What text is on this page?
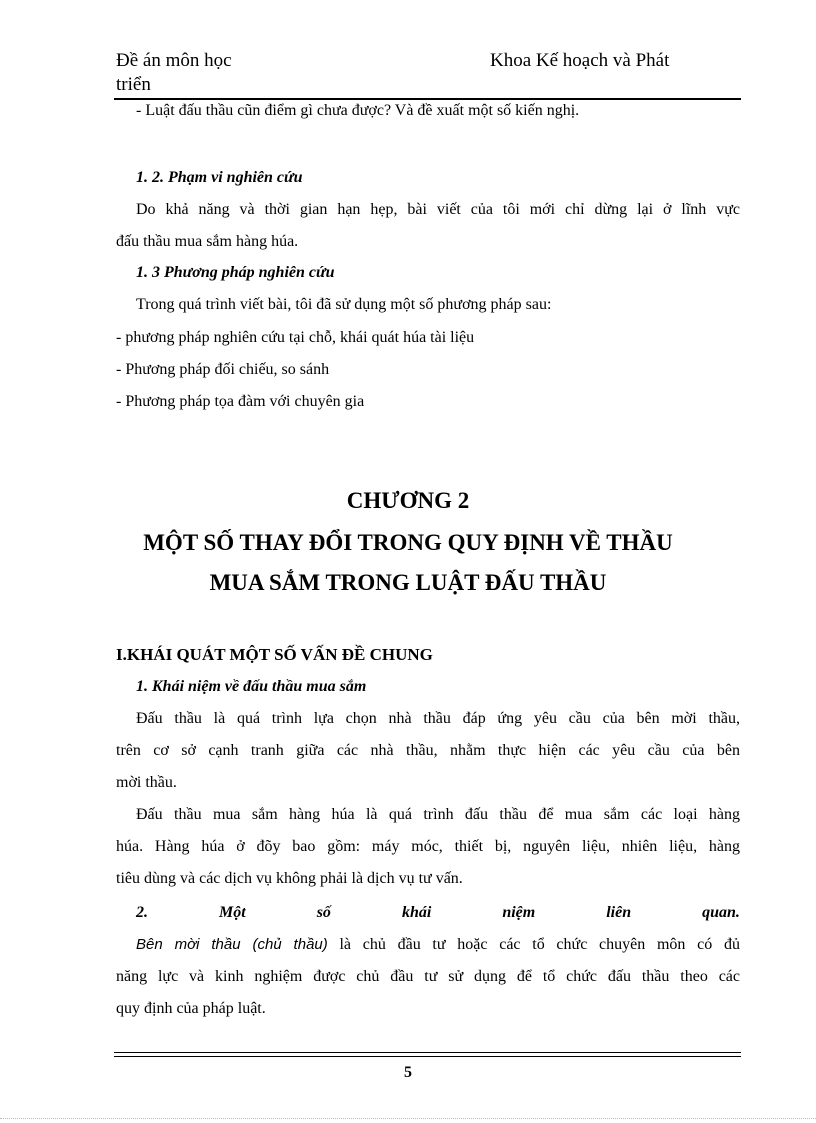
Đề án môn học
triển
Khoa Kế hoạch và Phát
- Luật đấu thầu cũn điểm gì chưa được? Và đề xuất một số kiến nghị.
1. 2. Phạm vi nghiên cứu
Do khả năng và thời gian hạn hẹp, bài viết của tôi mới chỉ dừng lại ở lĩnh vực
đấu thầu mua sắm hàng húa.
1. 3 Phương pháp nghiên cứu
Trong quá trình viết bài, tôi đã sử dụng một số phương pháp sau:
- phương pháp nghiên cứu tại chỗ, khái quát húa tài liệu
- Phương pháp đối chiếu, so sánh
- Phương pháp tọa đàm với chuyên gia
CHƯƠNG 2
MỘT SỐ THAY ĐỔI TRONG QUY ĐỊNH VỀ THẦU
MUA SẮM TRONG LUẬT ĐẤU THẦU
I.KHÁI QUÁT MỘT SỐ VẤN ĐỀ CHUNG
1. Khái niệm về đấu thầu mua sắm
Đấu thầu là quá trình lựa chọn nhà thầu đáp ứng yêu cầu của bên mời thầu,
trên cơ sở cạnh tranh giữa các nhà thầu, nhằm thực hiện các yêu cầu của bên
mời thầu.
Đấu thầu mua sắm hàng húa là quá trình đấu thầu để mua sắm các loại hàng
húa. Hàng húa ở đõy bao gồm: máy móc, thiết bị, nguyên liệu, nhiên liệu, hàng
tiêu dùng và các dịch vụ không phải là dịch vụ tư vấn.
2.	Một	số	khái	niệm	liên	quan.
Bên mời thầu (chủ thầu) là chủ đầu tư hoặc các tổ chức chuyên môn có đủ
năng lực và kinh nghiệm được chủ đầu tư sử dụng để tổ chức đấu thầu theo các
quy định của pháp luật.
5
